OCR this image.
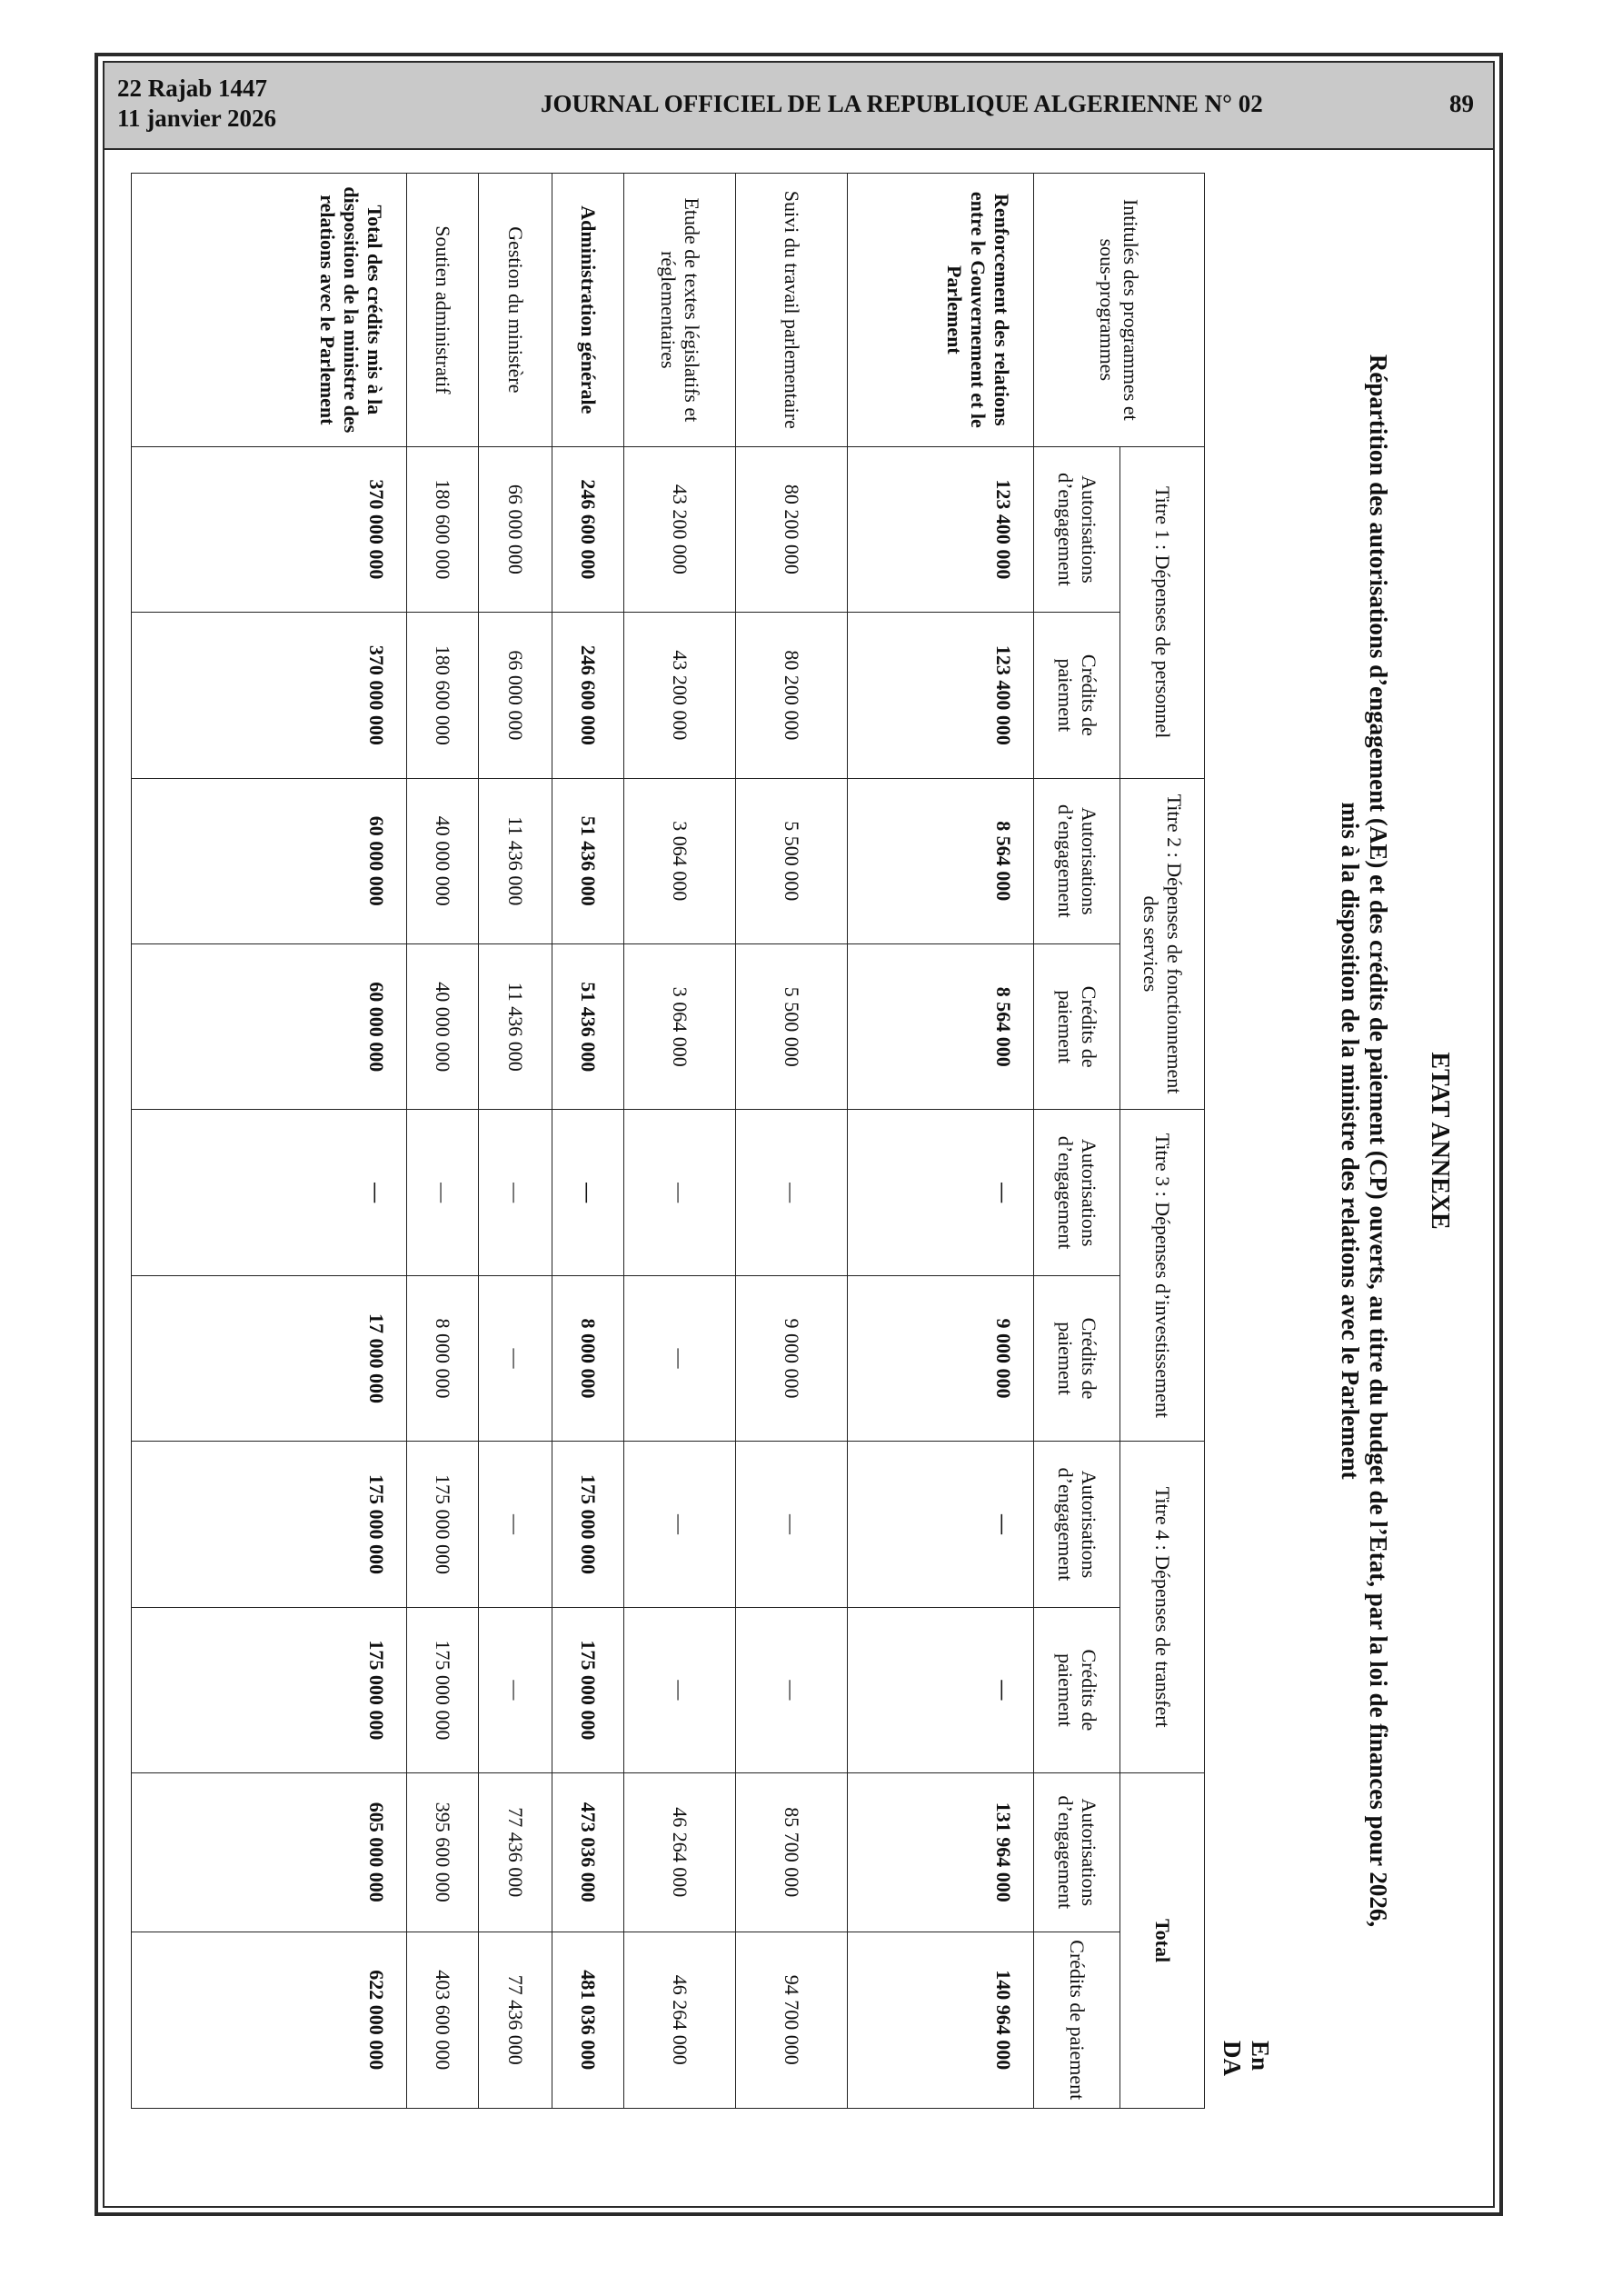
22 Rajab 1447
11 janvier 2026
JOURNAL OFFICIEL DE LA REPUBLIQUE ALGERIENNE N° 02	89
ETAT ANNEXE
Répartition des autorisations d’engagement (AE) et des crédits de paiement (CP) ouverts, au titre du budget de l’Etat, par la loi de finances pour 2026,
mis à la disposition de la ministre des relations avec le Parlement
En DA
Intitulés des programmes et sous-programmes	Titre 1 : Dépenses de personnel		Titre 2 : Dépenses de fonctionnement des services		Titre 3 : Dépenses d’investissement		Titre 4 : Dépenses de transfert		Total	
	Autorisations d’engagement	Crédits de paiement	Autorisations d’engagement	Crédits de paiement	Autorisations d’engagement	Crédits de paiement	Autorisations d’engagement	Crédits de paiement	Autorisations d’engagement	Crédits de paiement
Renforcement des relations entre le Gouvernement et le Parlement	123 400 000	123 400 000	8 564 000	8 564 000	—	9 000 000	—	—	131 964 000	140 964 000
Suivi du travail parlementaire	80 200 000	80 200 000	5 500 000	5 500 000	—	9 000 000	—	—	85 700 000	94 700 000
Etude de textes législatifs et réglementaires	43 200 000	43 200 000	3 064 000	3 064 000	—	—	—	—	46 264 000	46 264 000
Administration générale	246 600 000	246 600 000	51 436 000	51 436 000	—	8 000 000	175 000 000	175 000 000	473 036 000	481 036 000
Gestion du ministère	66 000 000	66 000 000	11 436 000	11 436 000	—	—	—	—	77 436 000	77 436 000
Soutien administratif	180 600 000	180 600 000	40 000 000	40 000 000	—	8 000 000	175 000 000	175 000 000	395 600 000	403 600 000
Total des crédits mis à la disposition de la ministre des relations avec le Parlement	370 000 000	370 000 000	60 000 000	60 000 000	—	17 000 000	175 000 000	175 000 000	605 000 000	622 000 000
